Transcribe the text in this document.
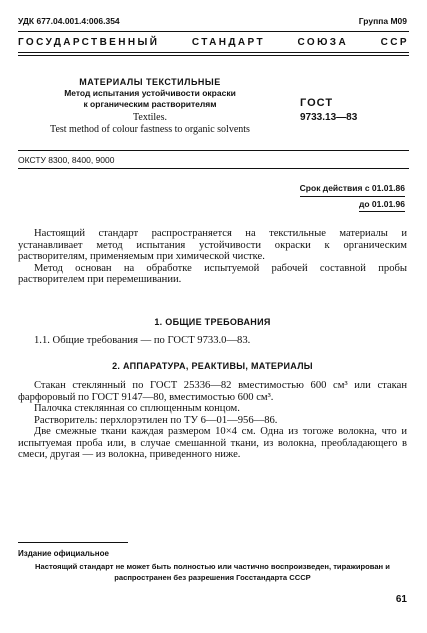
УДК 677.04.001.4:006.354	Группа М09
ГОСУДАРСТВЕННЫЙ СТАНДАРТ СОЮЗА ССР
МАТЕРИАЛЫ ТЕКСТИЛЬНЫЕ
Метод испытания устойчивости окраски
к органическим растворителям
Textiles.
Test method of colour fastness to organic solvents
ГОСТ
9733.13—83
ОКСТУ 8300, 8400, 9000
Срок действия с 01.01.86
до 01.01.96

Настоящий стандарт распространяется на текстильные материалы и устанавливает метод испытания устойчивости окраски к органическим растворителям, применяемым при химической чистке.

Метод основан на обработке испытуемой рабочей составной пробы растворителем при перемешивании.

1. ОБЩИЕ ТРЕБОВАНИЯ

1.1. Общие требования — по ГОСТ 9733.0—83.

2. АППАРАТУРА, РЕАКТИВЫ, МАТЕРИАЛЫ

Стакан стеклянный по ГОСТ 25336—82 вместимостью 600 см³ или стакан фарфоровый по ГОСТ 9147—80, вместимостью 600 см³.

Палочка стеклянная со сплющенным концом.

Растворитель: перхлорэтилен по ТУ 6—01—956—86.

Две смежные ткани каждая размером 10×4 см. Одна из тогоже волокна, что и испытуемая проба или, в случае смешанной ткани, из волокна, преобладающего в смеси, другая — из волокна, приведенного ниже.

Издание официальное
Настоящий стандарт не может быть полностью или частично воспроизведен, тиражирован и распространен без разрешения Госстандарта СССР
61
